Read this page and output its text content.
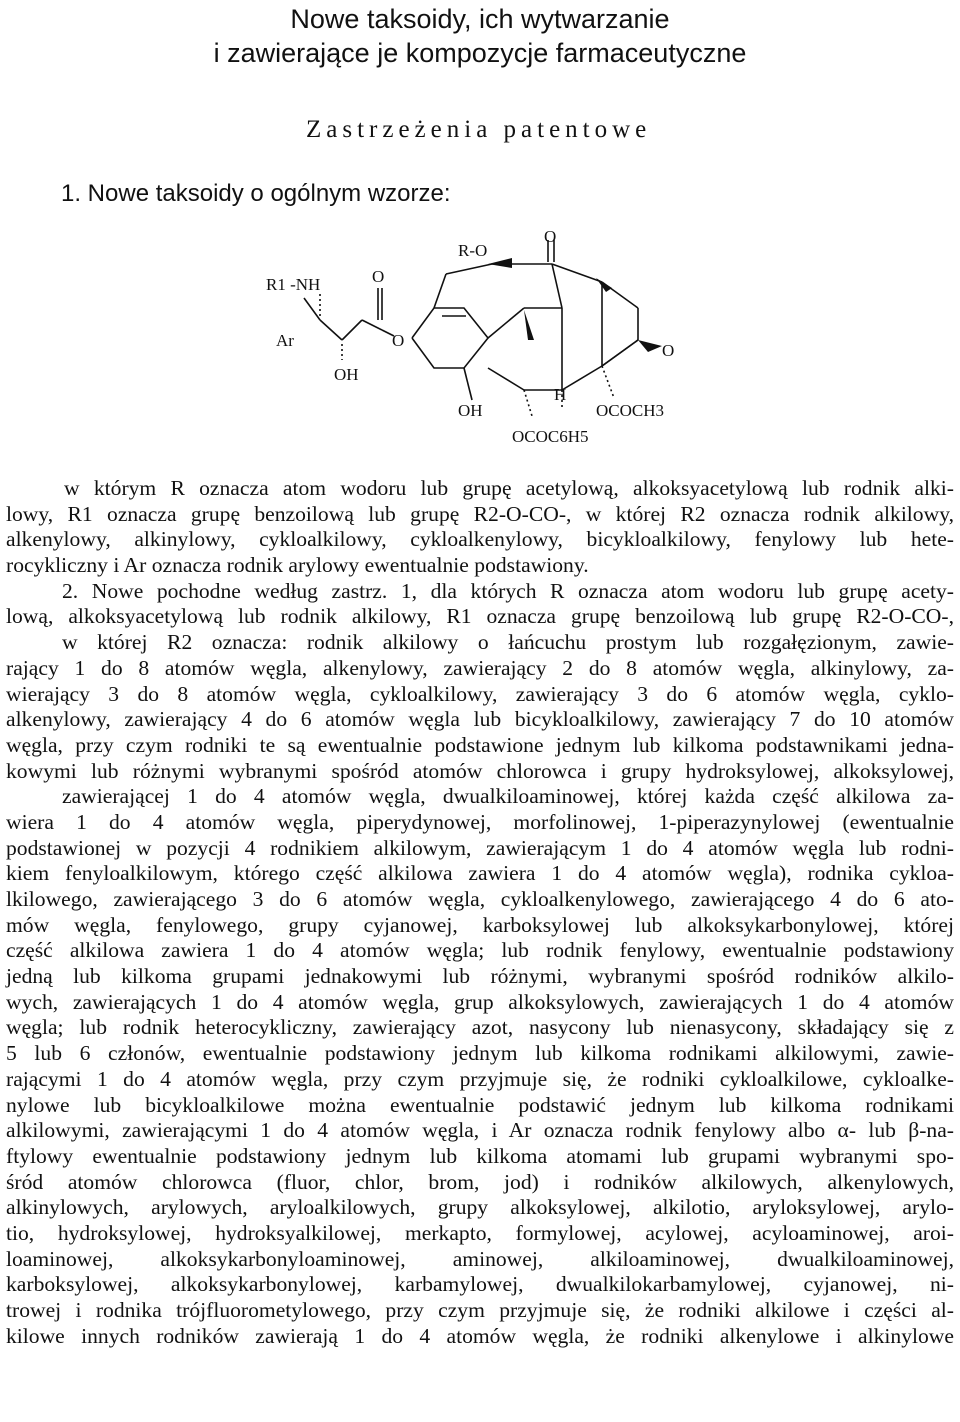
Nowe taksoidy, ich wytwarzanie
i zawierające je kompozycje farmaceutyczne
Zastrzeżenia patentowe
1. Nowe taksoidy o ogólnym wzorze:
R1 -NH	O
Ar	O
OH
R-O
O
O
OH
H
OCOCH3
OCOC6H5
w którym R oznacza atom wodoru lub grupę acetylową, alkoksyacetylową lub rodnik alki-
lowy, R1 oznacza grupę benzoilową lub grupę R2-O-CO-, w której R2 oznacza rodnik alkilowy,
alkenylowy, alkinylowy, cykloalkilowy, cykloalkenylowy, bicykloalkilowy, fenylowy lub hete-
rocykliczny i Ar oznacza rodnik arylowy ewentualnie podstawiony.
2. Nowe pochodne według zastrz. 1, dla których R oznacza atom wodoru lub grupę acety-
lową, alkoksyacetylową lub rodnik alkilowy, R1 oznacza grupę benzoilową lub grupę R2-O-CO-,
w której R2 oznacza: rodnik alkilowy o łańcuchu prostym lub rozgałęzionym, zawie-
rający 1 do 8 atomów węgla, alkenylowy, zawierający 2 do 8 atomów węgla, alkinylowy, za-
wierający 3 do 8 atomów węgla, cykloalkilowy, zawierający 3 do 6 atomów węgla, cyklo-
alkenylowy, zawierający 4 do 6 atomów węgla lub bicykloalkilowy, zawierający 7 do 10 atomów
węgla, przy czym rodniki te są ewentualnie podstawione jednym lub kilkoma podstawnikami jedna-
kowymi lub różnymi wybranymi spośród atomów chlorowca i grupy hydroksylowej, alkoksylowej,
zawierającej 1 do 4 atomów węgla, dwualkiloaminowej, której każda część alkilowa za-
wiera 1 do 4 atomów węgla, piperydynowej, morfolinowej, 1-piperazynylowej (ewentualnie
podstawionej w pozycji 4 rodnikiem alkilowym, zawierającym 1 do 4 atomów węgla lub rodni-
kiem fenyloalkilowym, którego część alkilowa zawiera 1 do 4 atomów węgla), rodnika cykloa-
lkilowego, zawierającego 3 do 6 atomów węgla, cykloalkenylowego, zawierającego 4 do 6 ato-
mów węgla, fenylowego, grupy cyjanowej, karboksylowej lub alkoksykarbonylowej, której
część alkilowa zawiera 1 do 4 atomów węgla; lub rodnik fenylowy, ewentualnie podstawiony
jedną lub kilkoma grupami jednakowymi lub różnymi, wybranymi spośród rodników alkilo-
wych, zawierających 1 do 4 atomów węgla, grup alkoksylowych, zawierających 1 do 4 atomów
węgla; lub rodnik heterocykliczny, zawierający azot, nasycony lub nienasycony, składający się z
5 lub 6 członów, ewentualnie podstawiony jednym lub kilkoma rodnikami alkilowymi, zawie-
rającymi 1 do 4 atomów węgla, przy czym przyjmuje się, że rodniki cykloalkilowe, cykloalke-
nylowe lub bicykloalkilowe można ewentualnie podstawić jednym lub kilkoma rodnikami
alkilowymi, zawierającymi 1 do 4 atomów węgla, i Ar oznacza rodnik fenylowy albo α- lub β-na-
ftylowy ewentualnie podstawiony jednym lub kilkoma atomami lub grupami wybranymi spo-
śród atomów chlorowca (fluor, chlor, brom, jod) i rodników alkilowych, alkenylowych,
alkinylowych, arylowych, aryloalkilowych, grupy alkoksylowej, alkilotio, aryloksylowej, arylo-
tio, hydroksylowej, hydroksyalkilowej, merkapto, formylowej, acylowej, acyloaminowej, aroi-
loaminowej, alkoksykarbonyloaminowej, aminowej, alkiloaminowej, dwualkiloaminowej,
karboksylowej, alkoksykarbonylowej, karbamylowej, dwualkilokarbamylowej, cyjanowej, ni-
trowej i rodnika trójfluorometylowego, przy czym przyjmuje się, że rodniki alkilowe i części al-
kilowe innych rodników zawierają 1 do 4 atomów węgla, że rodniki alkenylowe i alkinylowe
